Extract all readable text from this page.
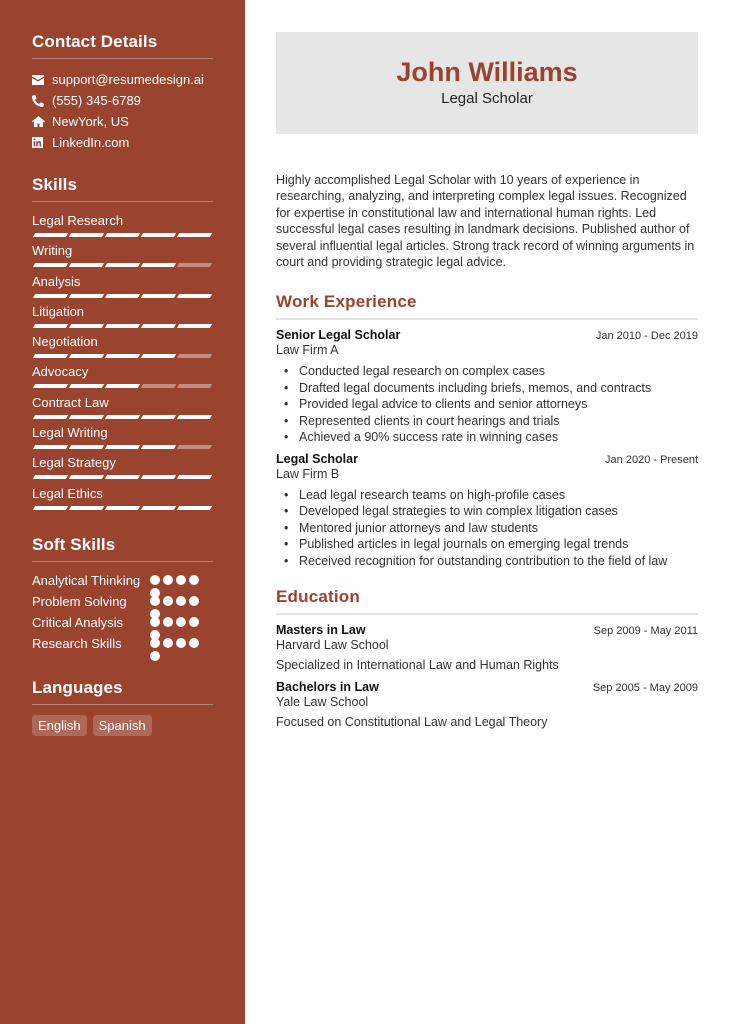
Contact Details
support@resumedesign.ai
(555) 345-6789
NewYork, US
LinkedIn.com
Skills
Legal Research
Writing
Analysis
Litigation
Negotiation
Advocacy
Contract Law
Legal Writing
Legal Strategy
Legal Ethics
Soft Skills
Analytical Thinking
Problem Solving
Critical Analysis
Research Skills
Languages
English	Spanish
John Williams
Legal Scholar

Highly accomplished Legal Scholar with 10 years of experience in researching, analyzing, and interpreting complex legal issues. Recognized for expertise in constitutional law and international human rights. Led successful legal cases resulting in landmark decisions. Published author of several influential legal articles. Strong track record of winning arguments in court and providing strategic legal advice.

Work Experience
Senior Legal Scholar	Jan 2010 - Dec 2019
Law Firm A
• Conducted legal research on complex cases
• Drafted legal documents including briefs, memos, and contracts
• Provided legal advice to clients and senior attorneys
• Represented clients in court hearings and trials
• Achieved a 90% success rate in winning cases
Legal Scholar	Jan 2020 - Present
Law Firm B
• Lead legal research teams on high-profile cases
• Developed legal strategies to win complex litigation cases
• Mentored junior attorneys and law students
• Published articles in legal journals on emerging legal trends
• Received recognition for outstanding contribution to the field of law
Education
Masters in Law	Sep 2009 - May 2011
Harvard Law School
Specialized in International Law and Human Rights
Bachelors in Law	Sep 2005 - May 2009
Yale Law School
Focused on Constitutional Law and Legal Theory
